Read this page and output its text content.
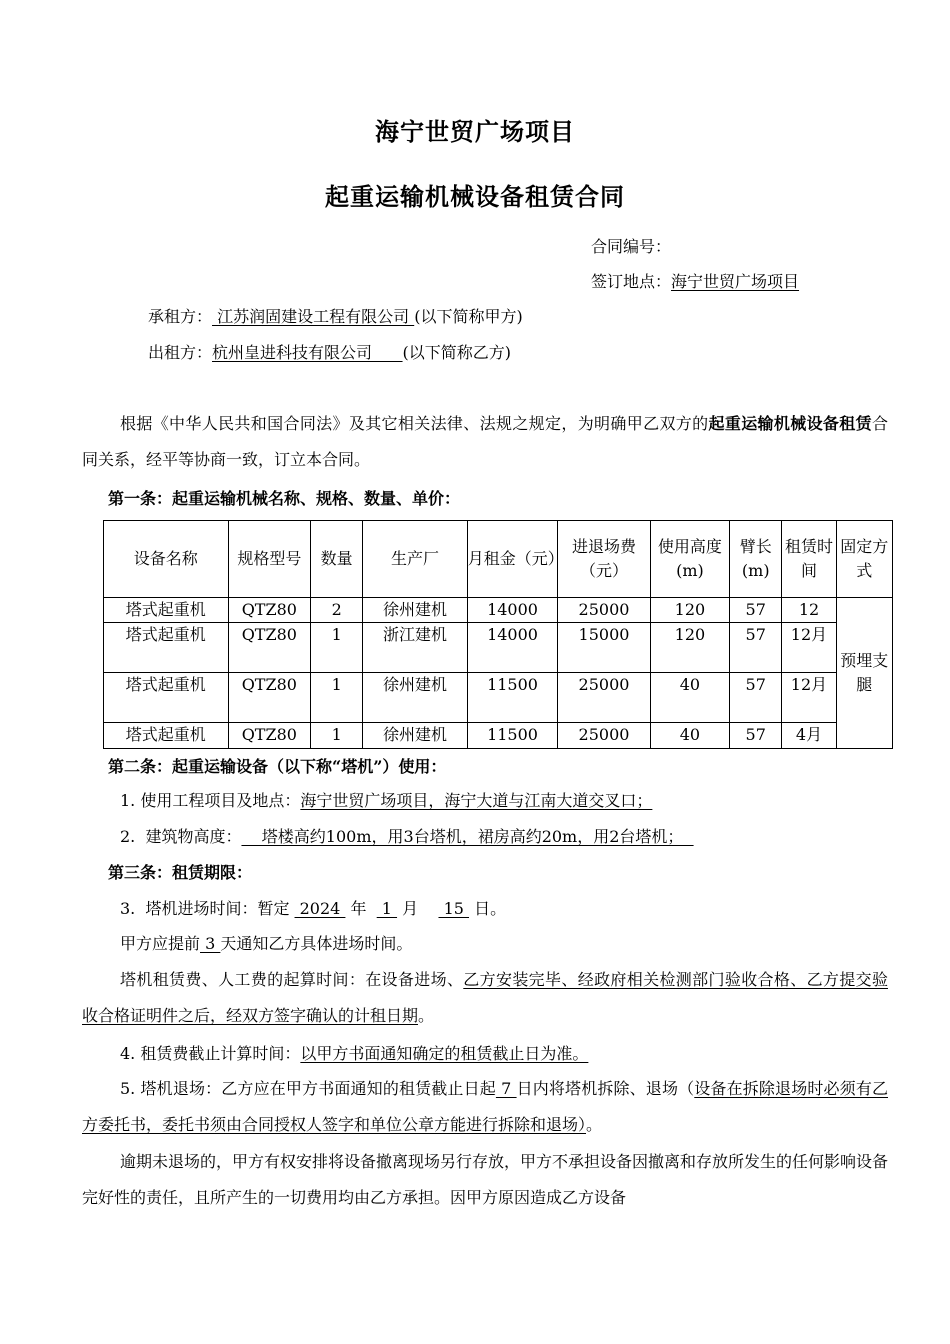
海宁世贸广场项目
起重运输机械设备租赁合同
合同编号：
签订地点：海宁世贸广场项目
承租方： 江苏润固建设工程有限公司 (以下简称甲方)
出租方：杭州皇进科技有限公司      (以下简称乙方)
根据《中华人民共和国合同法》及其它相关法律、法规之规定，为明确甲乙双方的起重运输机械设备租赁合同关系，经平等协商一致，订立本合同。
第一条：起重运输机械名称、规格、数量、单价：
设备名称	规格型号	数量	生产厂	月租金（元）	进退场费（元）	使用高度(m)	臂长(m)	租赁时间	固定方式
塔式起重机	QTZ80	2	徐州建机	14000	25000	120	57	12	预埋支腿
塔式起重机	QTZ80	1	浙江建机	14000	15000	120	57	12月	
塔式起重机	QTZ80	1	徐州建机	11500	25000	40	57	12月	
塔式起重机	QTZ80	1	徐州建机	11500	25000	40	57	4月	
第二条：起重运输设备（以下称“塔机”）使用：
1. 使用工程项目及地点：海宁世贸广场项目，海宁大道与江南大道交叉口；
2.  建筑物高度：    塔楼高约100m，用3台塔机，裙房高约20m，用2台塔机；
第三条：租赁期限：
3.  塔机进场时间：暂定  2024  年   1  月     15  日。
甲方应提前 3 天通知乙方具体进场时间。
塔机租赁费、人工费的起算时间：在设备进场、乙方安装完毕、经政府相关检测部门验收合格、乙方提交验收合格证明件之后，经双方签字确认的计租日期。
4. 租赁费截止计算时间：以甲方书面通知确定的租赁截止日为准。
5. 塔机退场：乙方应在甲方书面通知的租赁截止日起 7 日内将塔机拆除、退场（设备在拆除退场时必须有乙方委托书，委托书须由合同授权人签字和单位公章方能进行拆除和退场）。
逾期未退场的，甲方有权安排将设备撤离现场另行存放，甲方不承担设备因撤离和存放所发生的任何影响设备完好性的责任，且所产生的一切费用均由乙方承担。因甲方原因造成乙方设备
